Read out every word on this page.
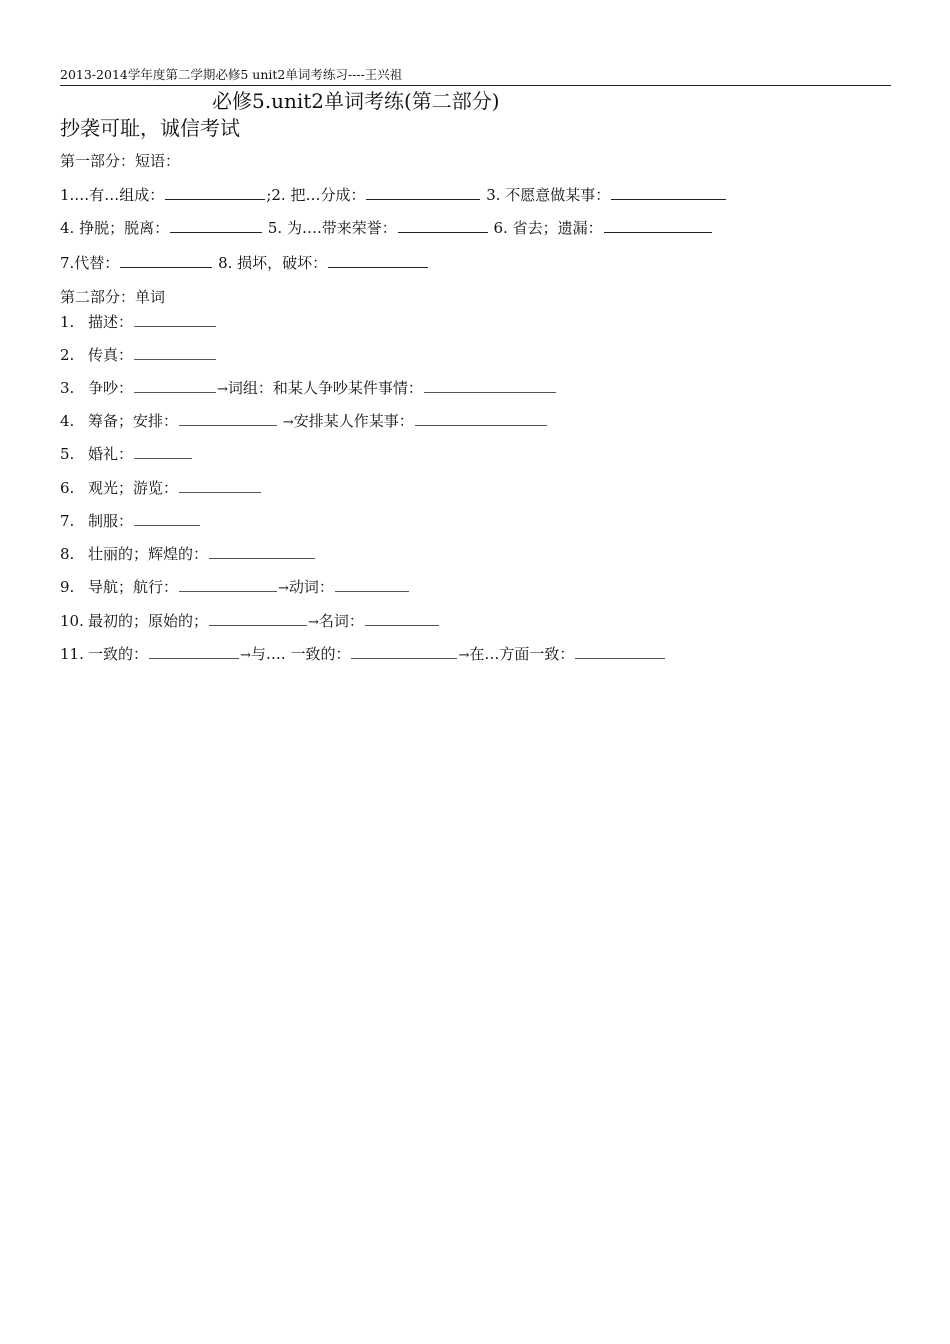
2013-2014学年度第二学期必修5 unit2单词考练习----王兴祖
必修5.unit2单词考练(第二部分)
抄袭可耻，诚信考试
第一部分：短语：
1.…有…组成：	;2. 把…分成：	3. 不愿意做某事：
4. 挣脱；脱离：	5. 为….带来荣誉：	6. 省去；遗漏：
7.代替：	8. 损坏，破坏：
第二部分：单词
1. 描述：
2. 传真：
3. 争吵：	→词组：和某人争吵某件事情：
4. 筹备；安排：	→安排某人作某事：
5. 婚礼：
6. 观光；游览：
7. 制服：
8. 壮丽的；辉煌的：
9. 导航；航行：	→动词：
10. 最初的；原始的；	→名词：
11. 一致的：	→与…. 一致的：	→在…方面一致：
